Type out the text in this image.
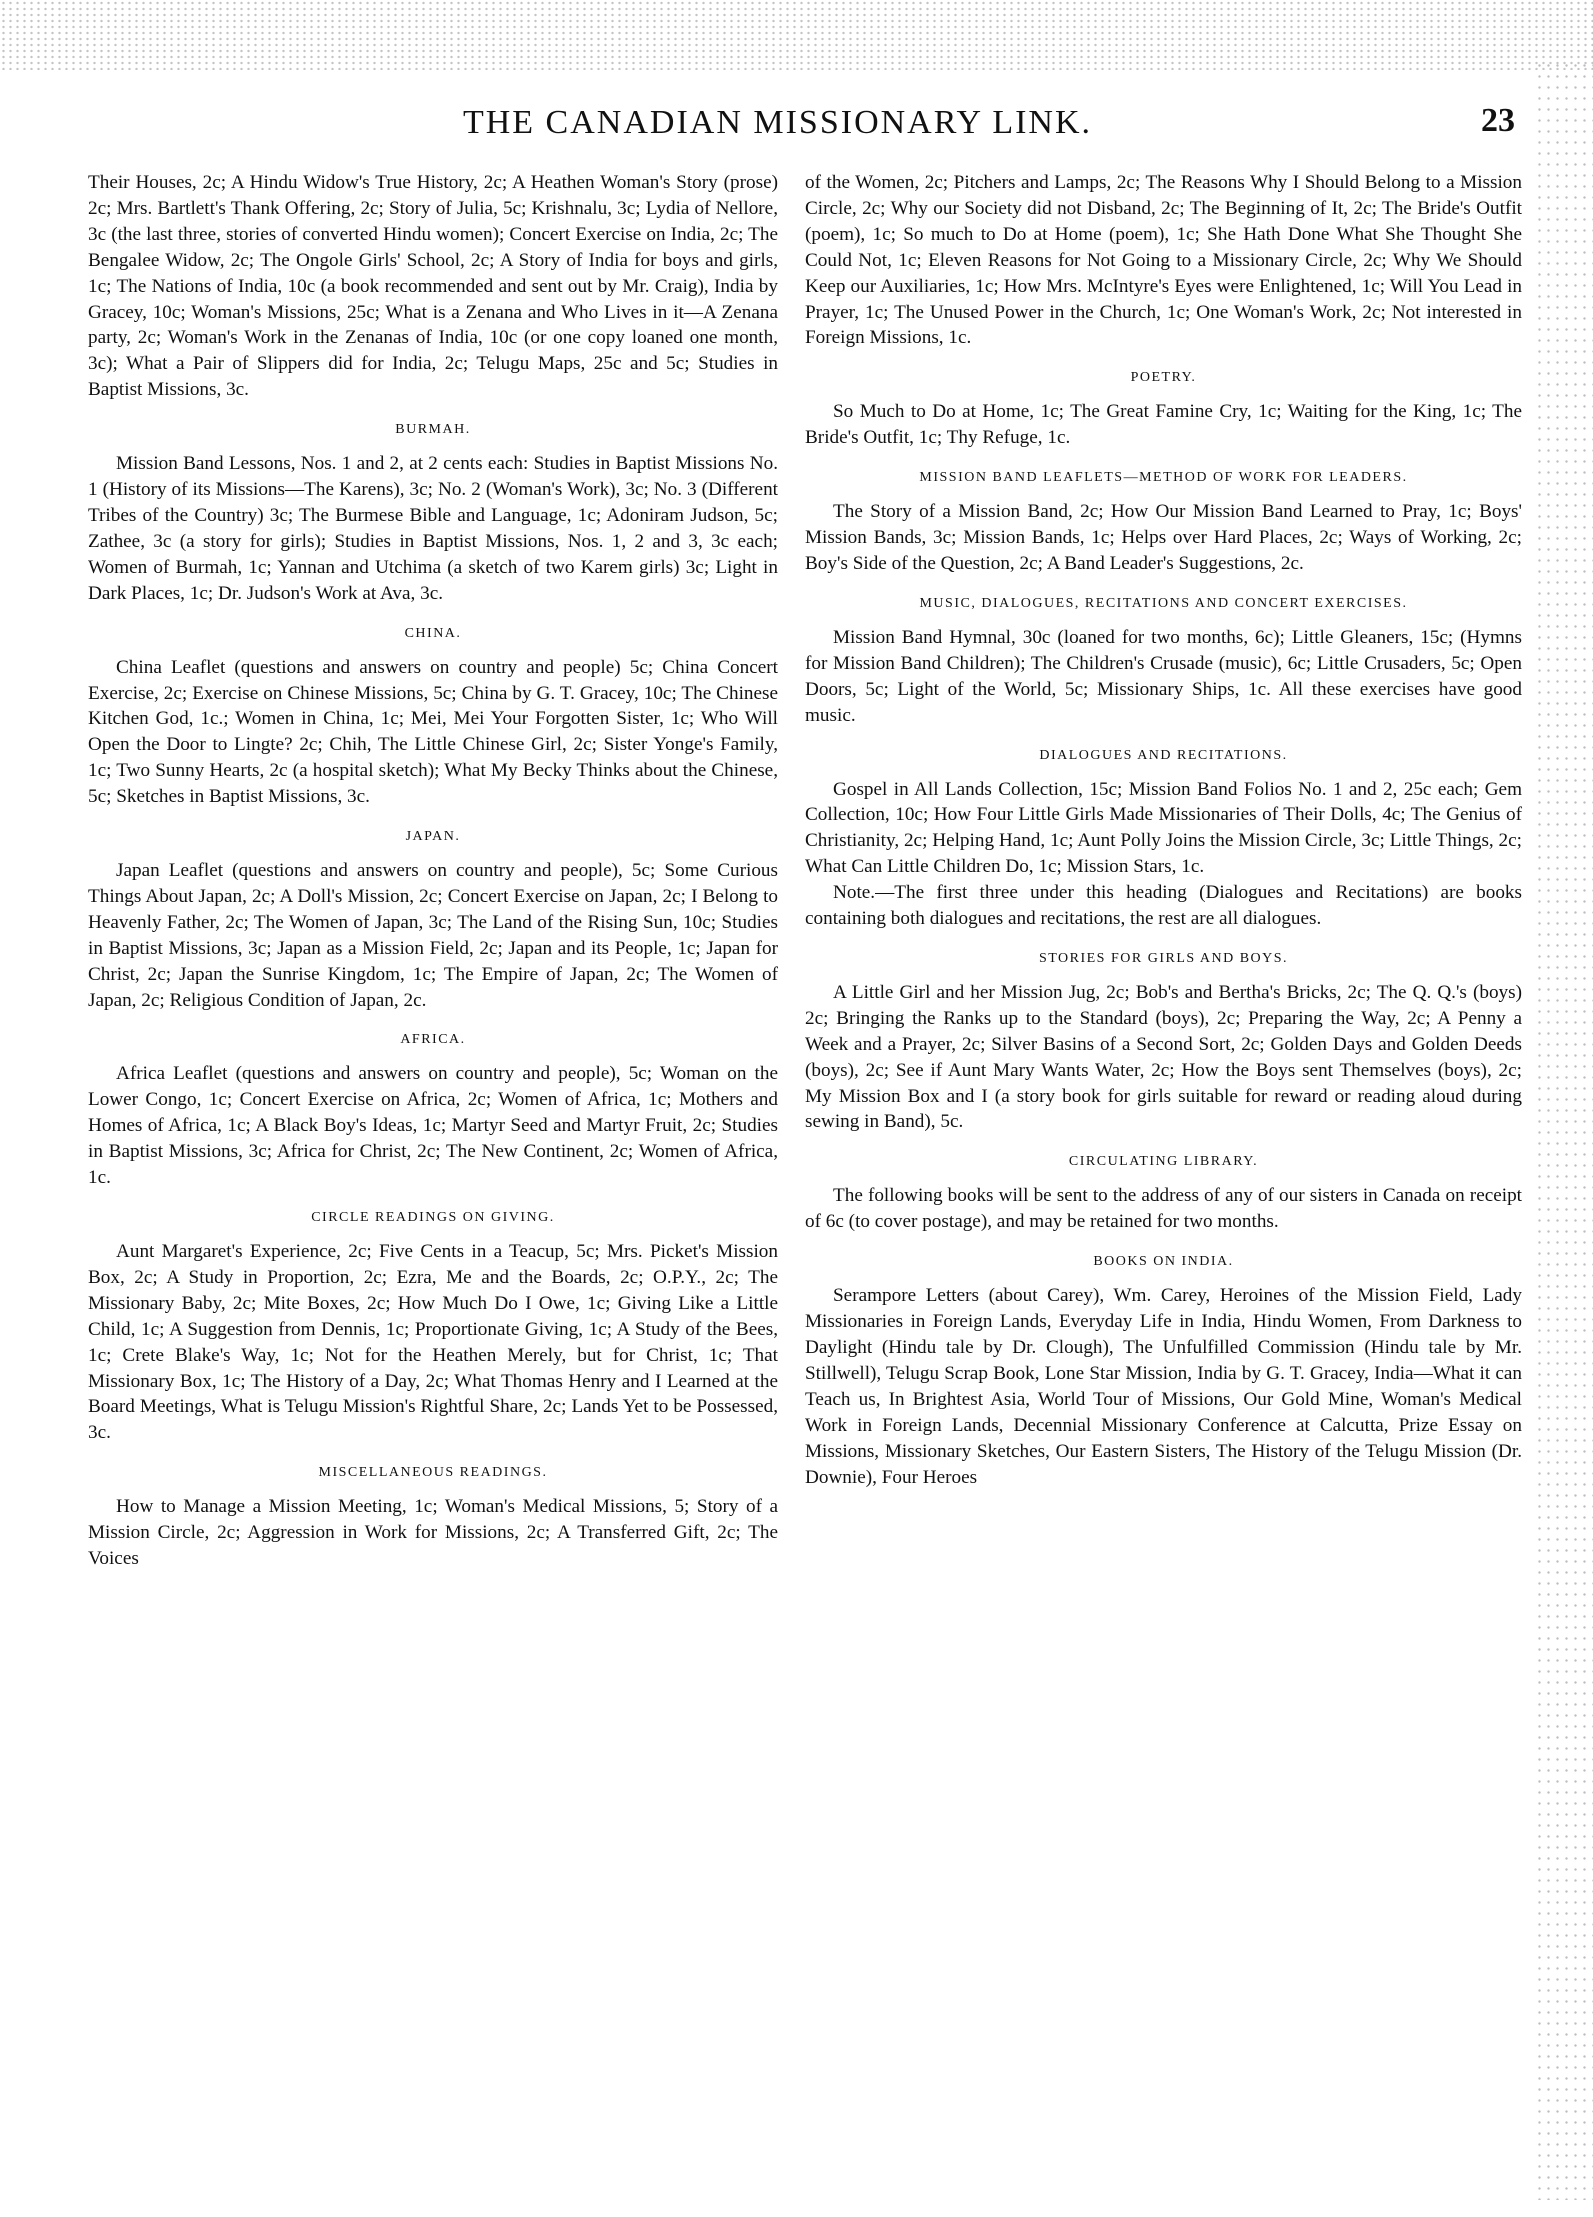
THE CANADIAN MISSIONARY LINK.	23

Their Houses, 2c; A Hindu Widow's True History, 2c; A Heathen Woman's Story (prose) 2c; Mrs. Bartlett's Thank Offering, 2c; Story of Julia, 5c; Krishnalu, 3c; Lydia of Nellore, 3c (the last three, stories of converted Hindu women); Concert Exercise on India, 2c; The Bengalee Widow, 2c; The Ongole Girls' School, 2c; A Story of India for boys and girls, 1c; The Nations of India, 10c (a book recommended and sent out by Mr. Craig), India by Gracey, 10c; Woman's Missions, 25c; What is a Zenana and Who Lives in it—A Zenana party, 2c; Woman's Work in the Zenanas of India, 10c (or one copy loaned one month, 3c); What a Pair of Slippers did for India, 2c; Telugu Maps, 25c and 5c; Studies in Baptist Missions, 3c.

BURMAH.

Mission Band Lessons, Nos. 1 and 2, at 2 cents each: Studies in Baptist Missions No. 1 (History of its Missions—The Karens), 3c; No. 2 (Woman's Work), 3c; No. 3 (Different Tribes of the Country) 3c; The Burmese Bible and Language, 1c; Adoniram Judson, 5c; Zathee, 3c (a story for girls); Studies in Baptist Missions, Nos. 1, 2 and 3, 3c each; Women of Burmah, 1c; Yannan and Utchima (a sketch of two Karem girls) 3c; Light in Dark Places, 1c; Dr. Judson's Work at Ava, 3c.

CHINA.

China Leaflet (questions and answers on country and people) 5c; China Concert Exercise, 2c; Exercise on Chinese Missions, 5c; China by G. T. Gracey, 10c; The Chinese Kitchen God, 1c.; Women in China, 1c; Mei, Mei Your Forgotten Sister, 1c; Who Will Open the Door to Lingte? 2c; Chih, The Little Chinese Girl, 2c; Sister Yonge's Family, 1c; Two Sunny Hearts, 2c (a hospital sketch); What My Becky Thinks about the Chinese, 5c; Sketches in Baptist Missions, 3c.

JAPAN.

Japan Leaflet (questions and answers on country and people), 5c; Some Curious Things About Japan, 2c; A Doll's Mission, 2c; Concert Exercise on Japan, 2c; I Belong to Heavenly Father, 2c; The Women of Japan, 3c; The Land of the Rising Sun, 10c; Studies in Baptist Missions, 3c; Japan as a Mission Field, 2c; Japan and its People, 1c; Japan for Christ, 2c; Japan the Sunrise Kingdom, 1c; The Empire of Japan, 2c; The Women of Japan, 2c; Religious Condition of Japan, 2c.

AFRICA.

Africa Leaflet (questions and answers on country and people), 5c; Woman on the Lower Congo, 1c; Concert Exercise on Africa, 2c; Women of Africa, 1c; Mothers and Homes of Africa, 1c; A Black Boy's Ideas, 1c; Martyr Seed and Martyr Fruit, 2c; Studies in Baptist Missions, 3c; Africa for Christ, 2c; The New Continent, 2c; Women of Africa, 1c.

CIRCLE READINGS ON GIVING.

Aunt Margaret's Experience, 2c; Five Cents in a Teacup, 5c; Mrs. Picket's Mission Box, 2c; A Study in Proportion, 2c; Ezra, Me and the Boards, 2c; O.P.Y., 2c; The Missionary Baby, 2c; Mite Boxes, 2c; How Much Do I Owe, 1c; Giving Like a Little Child, 1c; A Suggestion from Dennis, 1c; Proportionate Giving, 1c; A Study of the Bees, 1c; Crete Blake's Way, 1c; Not for the Heathen Merely, but for Christ, 1c; That Missionary Box, 1c; The History of a Day, 2c; What Thomas Henry and I Learned at the Board Meetings, What is Telugu Mission's Rightful Share, 2c; Lands Yet to be Possessed, 3c.

MISCELLANEOUS READINGS.

How to Manage a Mission Meeting, 1c; Woman's Medical Missions, 5; Story of a Mission Circle, 2c; Aggression in Work for Missions, 2c; A Transferred Gift, 2c; The Voices

of the Women, 2c; Pitchers and Lamps, 2c; The Reasons Why I Should Belong to a Mission Circle, 2c; Why our Society did not Disband, 2c; The Beginning of It, 2c; The Bride's Outfit (poem), 1c; So much to Do at Home (poem), 1c; She Hath Done What She Thought She Could Not, 1c; Eleven Reasons for Not Going to a Missionary Circle, 2c; Why We Should Keep our Auxiliaries, 1c; How Mrs. McIntyre's Eyes were Enlightened, 1c; Will You Lead in Prayer, 1c; The Unused Power in the Church, 1c; One Woman's Work, 2c; Not interested in Foreign Missions, 1c.

POETRY.

So Much to Do at Home, 1c; The Great Famine Cry, 1c; Waiting for the King, 1c; The Bride's Outfit, 1c; Thy Refuge, 1c.

MISSION BAND LEAFLETS—METHOD OF WORK FOR LEADERS.

The Story of a Mission Band, 2c; How Our Mission Band Learned to Pray, 1c; Boys' Mission Bands, 3c; Mission Bands, 1c; Helps over Hard Places, 2c; Ways of Working, 2c; Boy's Side of the Question, 2c; A Band Leader's Suggestions, 2c.

MUSIC, DIALOGUES, RECITATIONS AND CONCERT EXERCISES.

Mission Band Hymnal, 30c (loaned for two months, 6c); Little Gleaners, 15c; (Hymns for Mission Band Children); The Children's Crusade (music), 6c; Little Crusaders, 5c; Open Doors, 5c; Light of the World, 5c; Missionary Ships, 1c. All these exercises have good music.

DIALOGUES AND RECITATIONS.

Gospel in All Lands Collection, 15c; Mission Band Folios No. 1 and 2, 25c each; Gem Collection, 10c; How Four Little Girls Made Missionaries of Their Dolls, 4c; The Genius of Christianity, 2c; Helping Hand, 1c; Aunt Polly Joins the Mission Circle, 3c; Little Things, 2c; What Can Little Children Do, 1c; Mission Stars, 1c.

Note.—The first three under this heading (Dialogues and Recitations) are books containing both dialogues and recitations, the rest are all dialogues.

STORIES FOR GIRLS AND BOYS.

A Little Girl and her Mission Jug, 2c; Bob's and Bertha's Bricks, 2c; The Q. Q.'s (boys) 2c; Bringing the Ranks up to the Standard (boys), 2c; Preparing the Way, 2c; A Penny a Week and a Prayer, 2c; Silver Basins of a Second Sort, 2c; Golden Days and Golden Deeds (boys), 2c; See if Aunt Mary Wants Water, 2c; How the Boys sent Themselves (boys), 2c; My Mission Box and I (a story book for girls suitable for reward or reading aloud during sewing in Band), 5c.

CIRCULATING LIBRARY.

The following books will be sent to the address of any of our sisters in Canada on receipt of 6c (to cover postage), and may be retained for two months.

BOOKS ON INDIA.

Serampore Letters (about Carey), Wm. Carey, Heroines of the Mission Field, Lady Missionaries in Foreign Lands, Everyday Life in India, Hindu Women, From Darkness to Daylight (Hindu tale by Dr. Clough), The Unfulfilled Commission (Hindu tale by Mr. Stillwell), Telugu Scrap Book, Lone Star Mission, India by G. T. Gracey, India—What it can Teach us, In Brightest Asia, World Tour of Missions, Our Gold Mine, Woman's Medical Work in Foreign Lands, Decennial Missionary Conference at Calcutta, Prize Essay on Missions, Missionary Sketches, Our Eastern Sisters, The History of the Telugu Mission (Dr. Downie), Four Heroes
